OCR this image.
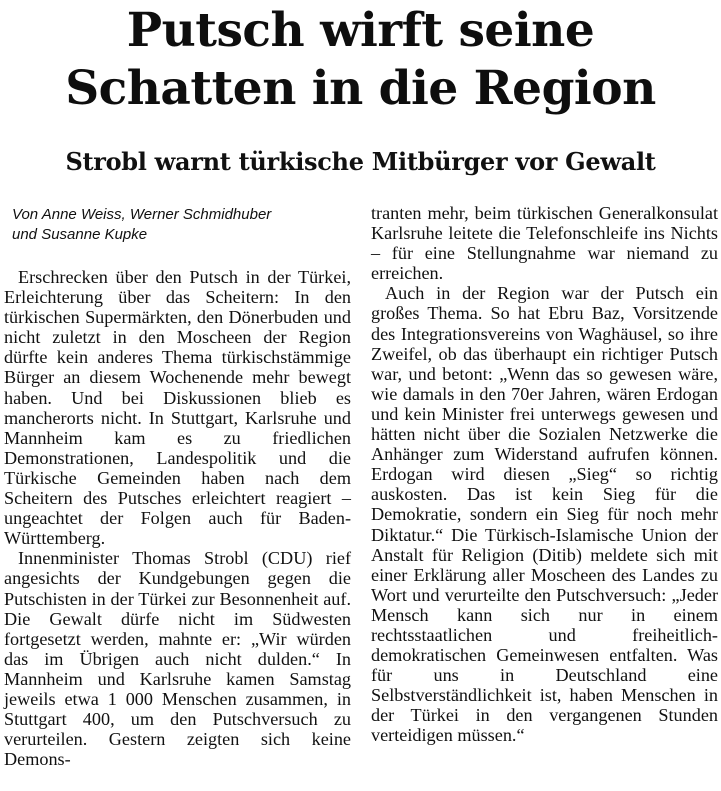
Putsch wirft seine
Schatten in die Region
Strobl warnt türkische Mitbürger vor Gewalt
Von Anne Weiss, Werner Schmidhuber
und Susanne Kupke

Erschrecken über den Putsch in der Türkei, Erleichterung über das Scheitern: In den türkischen Supermärkten, den Dönerbuden und nicht zuletzt in den Moscheen der Region dürfte kein anderes Thema türkischstämmige Bürger an diesem Wochenende mehr bewegt haben. Und bei Diskussionen blieb es mancherorts nicht. In Stuttgart, Karlsruhe und Mannheim kam es zu friedlichen Demonstrationen, Landespolitik und die Türkische Gemeinden haben nach dem Scheitern des Putsches erleichtert reagiert – ungeachtet der Folgen auch für Baden-Württemberg.

Innenminister Thomas Strobl (CDU) rief angesichts der Kundgebungen gegen die Putschisten in der Türkei zur Besonnenheit auf. Die Gewalt dürfe nicht im Südwesten fortgesetzt werden, mahnte er: „Wir würden das im Übrigen auch nicht dulden.“ In Mannheim und Karlsruhe kamen Samstag jeweils etwa 1 000 Menschen zusammen, in Stuttgart 400, um den Putschversuch zu verurteilen. Gestern zeigten sich keine Demons-

tranten mehr, beim türkischen Generalkonsulat Karlsruhe leitete die Telefonschleife ins Nichts – für eine Stellungnahme war niemand zu erreichen.

Auch in der Region war der Putsch ein großes Thema. So hat Ebru Baz, Vorsitzende des Integrationsvereins von Waghäusel, so ihre Zweifel, ob das überhaupt ein richtiger Putsch war, und betont: „Wenn das so gewesen wäre, wie damals in den 70er Jahren, wären Erdogan und kein Minister frei unterwegs gewesen und hätten nicht über die Sozialen Netzwerke die Anhänger zum Widerstand aufrufen können. Erdogan wird diesen „Sieg“ so richtig auskosten. Das ist kein Sieg für die Demokratie, sondern ein Sieg für noch mehr Diktatur.“ Die Türkisch-Islamische Union der Anstalt für Religion (Ditib) meldete sich mit einer Erklärung aller Moscheen des Landes zu Wort und verurteilte den Putschversuch: „Jeder Mensch kann sich nur in einem rechtsstaatlichen und freiheitlich-demokratischen Gemeinwesen entfalten. Was für uns in Deutschland eine Selbstverständlichkeit ist, haben Menschen in der Türkei in den vergangenen Stunden verteidigen müssen.“
